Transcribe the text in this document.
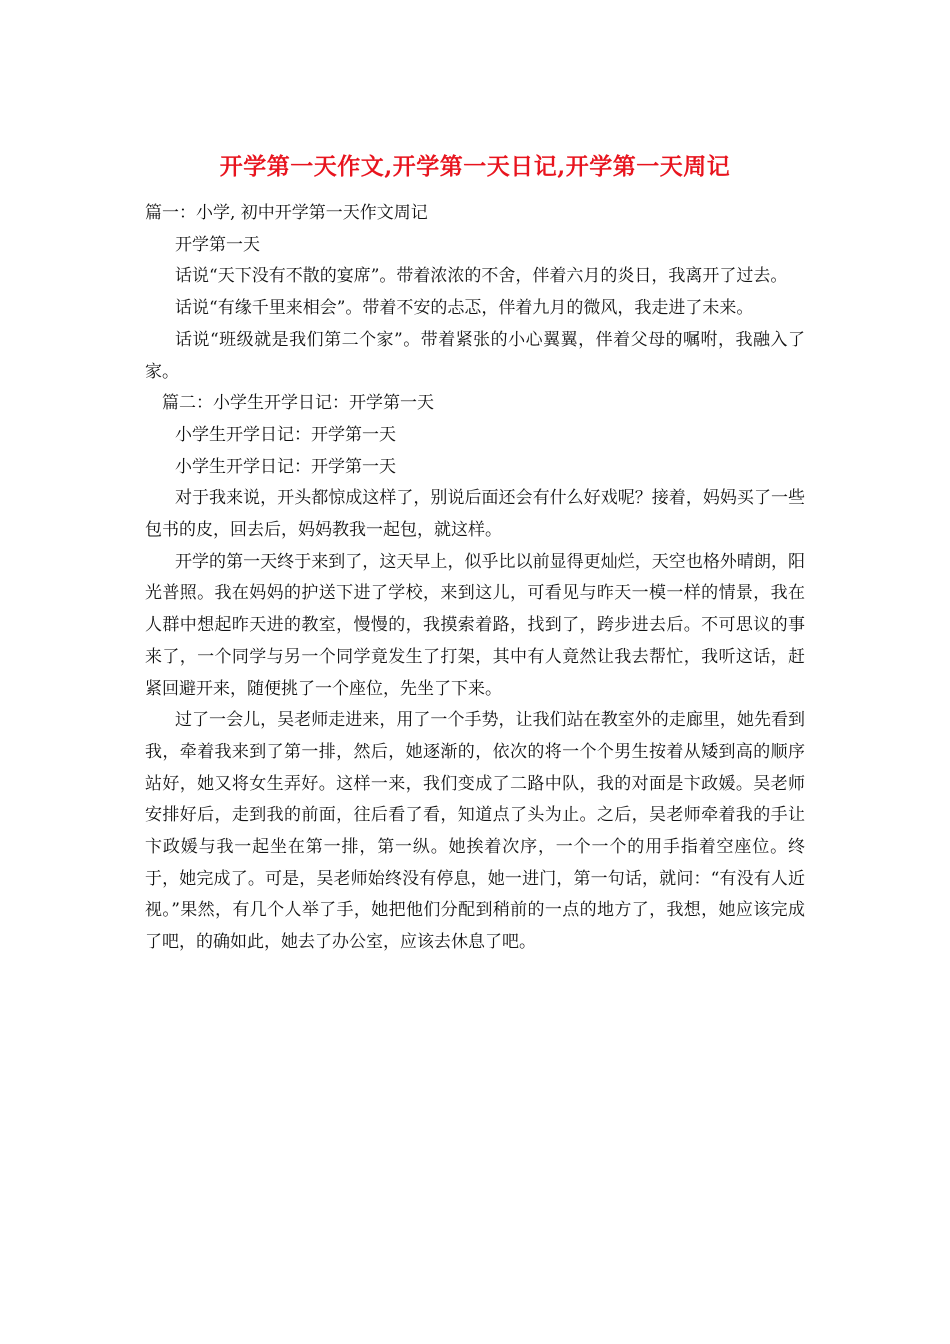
开学第一天作文,开学第一天日记,开学第一天周记

篇一：小学, 初中开学第一天作文周记

开学第一天

话说“天下没有不散的宴席”。带着浓浓的不舍，伴着六月的炎日，我离开了过去。

话说“有缘千里来相会”。带着不安的忐忑，伴着九月的微风，我走进了未来。

话说“班级就是我们第二个家”。带着紧张的小心翼翼，伴着父母的嘱咐，我融入了家。

篇二：小学生开学日记：开学第一天

小学生开学日记：开学第一天

小学生开学日记：开学第一天

对于我来说，开头都惊成这样了，别说后面还会有什么好戏呢？接着，妈妈买了一些包书的皮，回去后，妈妈教我一起包，就这样。

开学的第一天终于来到了，这天早上，似乎比以前显得更灿烂，天空也格外晴朗，阳光普照。我在妈妈的护送下进了学校，来到这儿，可看见与昨天一模一样的情景，我在人群中想起昨天进的教室，慢慢的，我摸索着路，找到了，跨步进去后。不可思议的事来了，一个同学与另一个同学竟发生了打架，其中有人竟然让我去帮忙，我听这话，赶紧回避开来，随便挑了一个座位，先坐了下来。

过了一会儿，吴老师走进来，用了一个手势，让我们站在教室外的走廊里，她先看到我，牵着我来到了第一排，然后，她逐渐的，依次的将一个个男生按着从矮到高的顺序站好，她又将女生弄好。这样一来，我们变成了二路中队，我的对面是卞政媛。吴老师安排好后，走到我的前面，往后看了看，知道点了头为止。之后，吴老师牵着我的手让卞政媛与我一起坐在第一排，第一纵。她挨着次序，一个一个的用手指着空座位。终于，她完成了。可是，吴老师始终没有停息，她一进门，第一句话，就问：“有没有人近视。”果然，有几个人举了手，她把他们分配到稍前的一点的地方了，我想，她应该完成了吧，的确如此，她去了办公室，应该去休息了吧。
